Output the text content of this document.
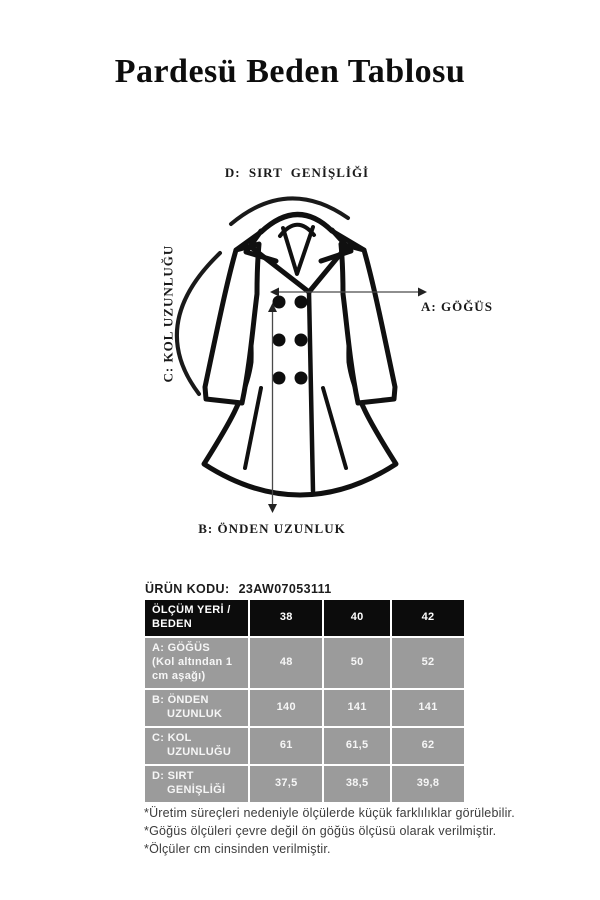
Pardesü Beden Tablosu
D: SIRT GENİŞLİĞİ
C: KOL UZUNLUĞU	A: GÖĞÜS
B: ÖNDEN UZUNLUK
ÜRÜN KODU: 23AW07053111
ÖLÇÜM YERİ / BEDEN	38	40	42

A: GÖĞÜS
(Kol altından 1 cm aşağı)	48	50	52

B: ÖNDEN
UZUNLUK	140	141	141

C: KOL
UZUNLUĞU	61	61,5	62

D: SIRT
GENİŞLİĞİ	37,5	38,5	39,8
*Üretim süreçleri nedeniyle ölçülerde küçük farklılıklar görülebilir.
*Göğüs ölçüleri çevre değil ön göğüs ölçüsü olarak verilmiştir.
*Ölçüler cm cinsinden verilmiştir.
